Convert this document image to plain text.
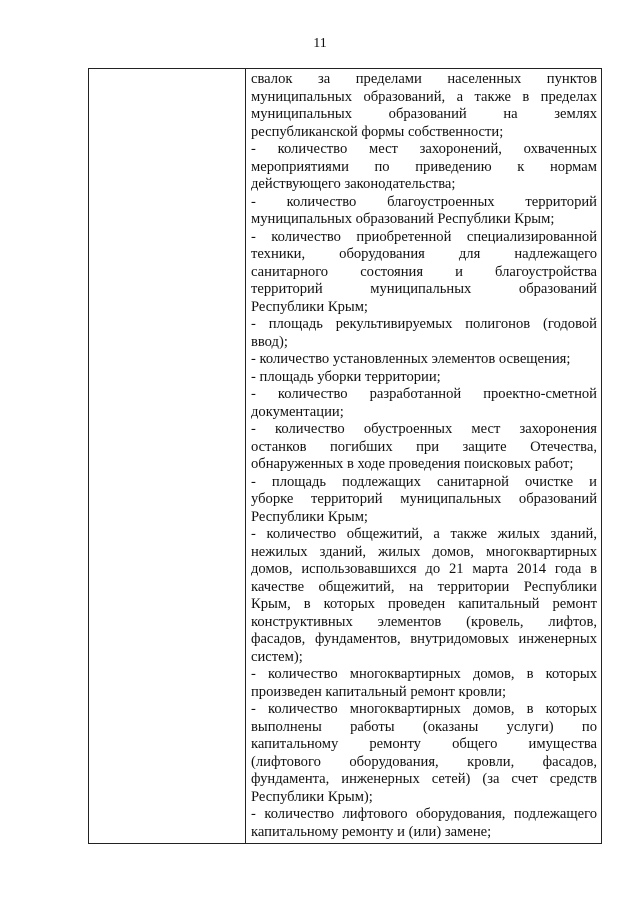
11

свалок за пределами населенных пунктов
муниципальных образований, а также в пределах
муниципальных образований на землях
республиканской формы собственности;
- количество мест захоронений, охваченных
мероприятиями по приведению к нормам
действующего законодательства;
- количество благоустроенных территорий
муниципальных образований Республики Крым;
- количество приобретенной специализированной
техники, оборудования для надлежащего
санитарного состояния и благоустройства
территорий муниципальных образований
Республики Крым;
- площадь рекультивируемых полигонов (годовой
ввод);
- количество установленных элементов освещения;
- площадь уборки территории;
- количество разработанной проектно-сметной
документации;
- количество обустроенных мест захоронения
останков погибших при защите Отечества,
обнаруженных в ходе проведения поисковых работ;
- площадь подлежащих санитарной очистке и
уборке территорий муниципальных образований
Республики Крым;
- количество общежитий, а также жилых зданий,
нежилых зданий, жилых домов, многоквартирных
домов, использовавшихся до 21 марта 2014 года в
качестве общежитий, на территории Республики
Крым, в которых проведен капитальный ремонт
конструктивных элементов (кровель, лифтов,
фасадов, фундаментов, внутридомовых инженерных
систем);
- количество многоквартирных домов, в которых
произведен капитальный ремонт кровли;
- количество многоквартирных домов, в которых
выполнены работы (оказаны услуги) по
капитальному ремонту общего имущества
(лифтового оборудования, кровли, фасадов,
фундамента, инженерных сетей) (за счет средств
Республики Крым);
- количество лифтового оборудования, подлежащего
капитальному ремонту и (или) замене;
